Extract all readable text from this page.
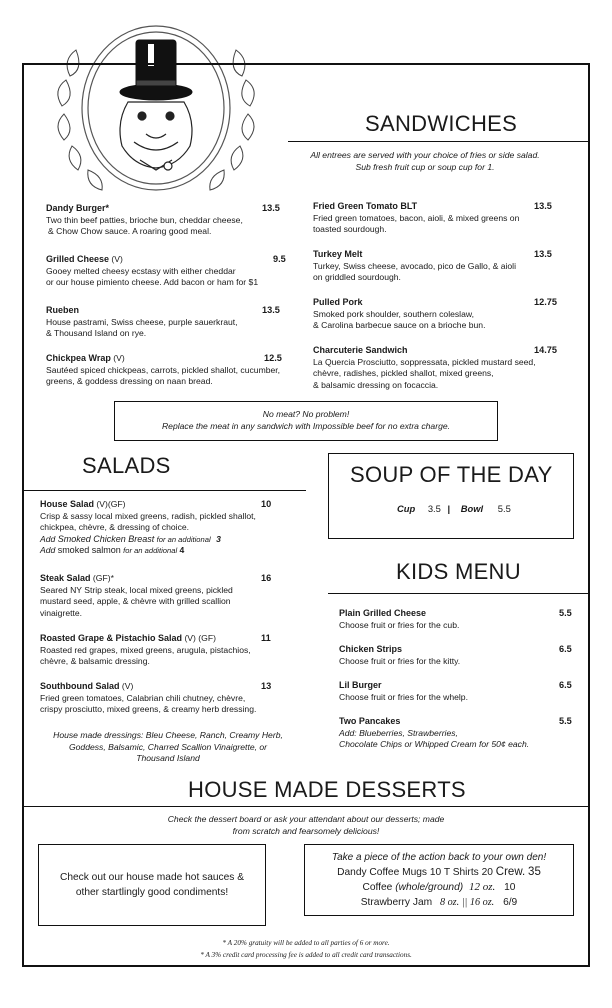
SANDWICHES
All entrees are served with your choice of fries or side salad.
Sub fresh fruit cup or soup cup for 1.
Dandy Burger*	13.5
Two thin beef patties, brioche bun, cheddar cheese,
& Chow Chow sauce. A roaring good meal.
Grilled Cheese (V)	9.5
Gooey melted cheesy ecstasy with either cheddar
or our house pimiento cheese. Add bacon or ham for $1
Rueben	13.5
House pastrami, Swiss cheese, purple sauerkraut,
& Thousand Island on rye.
Chickpea Wrap (V)	12.5
Sautéed spiced chickpeas, carrots, pickled shallot, cucumber,
greens, & goddess dressing on naan bread.
Fried Green Tomato BLT	13.5
Fried green tomatoes, bacon, aioli, & mixed greens on
toasted sourdough.
Turkey Melt	13.5
Turkey, Swiss cheese, avocado, pico de Gallo, & aioli
on griddled sourdough.
Pulled Pork	12.75
Smoked pork shoulder, southern coleslaw,
& Carolina barbecue sauce on a brioche bun.
Charcuterie Sandwich	14.75
La Quercia Prosciutto, soppressata, pickled mustard seed,
chèvre, radishes, pickled shallot, mixed greens,
& balsamic dressing on focaccia.
No meat? No problem!
Replace the meat in any sandwich with Impossible beef for no extra charge.
SALADS
House Salad (V)(GF)	10
Crisp & sassy local mixed greens, radish, pickled shallot,
chickpea, chèvre, & dressing of choice.
Add Smoked Chicken Breast for an additional 3
Add smoked salmon for an additional 4
Steak Salad (GF)*	16
Seared NY Strip steak, local mixed greens, pickled
mustard seed, apple, & chèvre with grilled scallion
vinaigrette.
Roasted Grape & Pistachio Salad (V) (GF)	11
Roasted red grapes, mixed greens, arugula, pistachios,
chèvre, & balsamic dressing.
Southbound Salad (V)	13
Fried green tomatoes, Calabrian chili chutney, chèvre,
crispy prosciutto, mixed greens, & creamy herb dressing.
House made dressings: Bleu Cheese, Ranch, Creamy Herb,
Goddess, Balsamic, Charred Scallion Vinaigrette, or
Thousand Island
SOUP OF THE DAY
Cup 3.5 | Bowl 5.5
KIDS MENU
Plain Grilled Cheese	5.5
Choose fruit or fries for the cub.
Chicken Strips	6.5
Choose fruit or fries for the kitty.
Lil Burger	6.5
Choose fruit or fries for the whelp.
Two Pancakes	5.5
Add: Blueberries, Strawberries,
Chocolate Chips or Whipped Cream for 50¢ each.
HOUSE MADE DESSERTS
Check the dessert board or ask your attendant about our desserts; made
from scratch and fearsomely delicious!
Check out our house made hot sauces &
other startlingly good condiments!
Take a piece of the action back to your own den!
Dandy Coffee Mugs 10 T Shirts 20 Crew. 35
Coffee (whole/ground) 12 oz. 10
Strawberry Jam 8 oz. || 16 oz. 6/9
* A 20% gratuity will be added to all parties of 6 or more.
* A 3% credit card processing fee is added to all credit card transactions.
